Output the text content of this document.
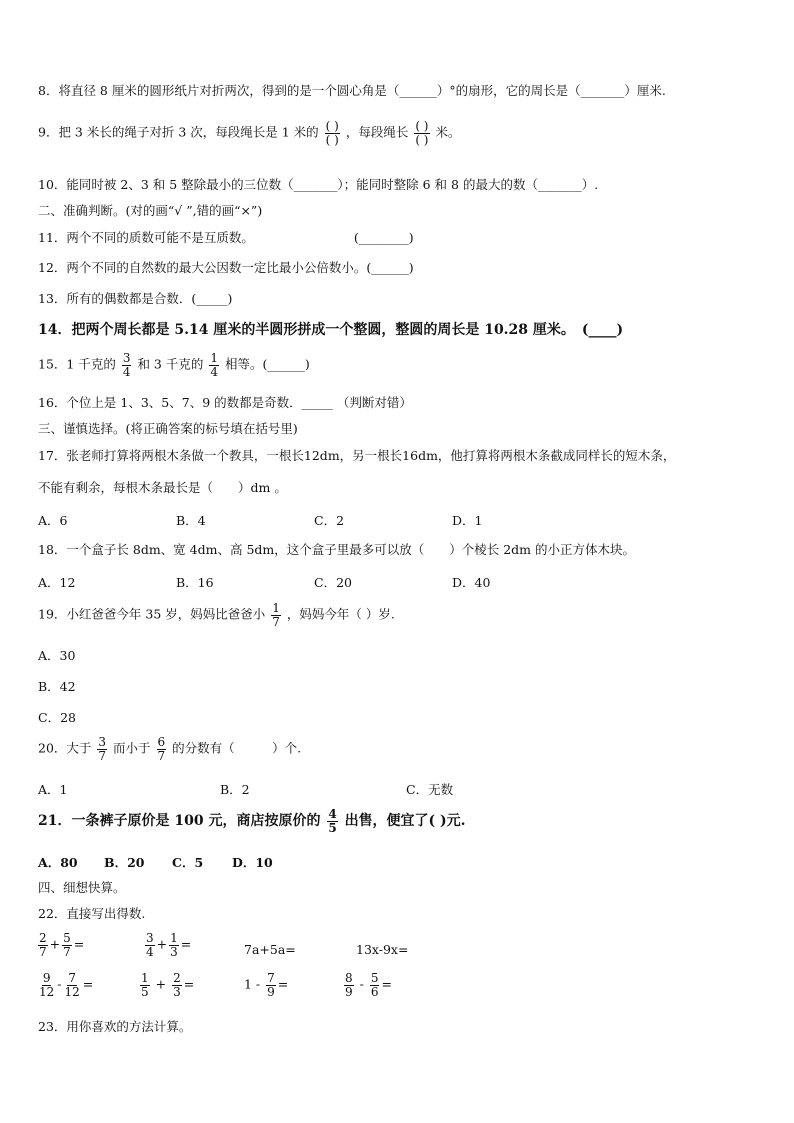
8．将直径 8 厘米的圆形纸片对折两次，得到的是一个圆心角是（______）°的扇形，它的周长是（_______）厘米.
9．把 3 米长的绳子对折 3 次，每段绳长是 1 米的 $\frac{( )}{( )}$ ，每段绳长 $\frac{( )}{( )}$ 米。
10．能同时被 2、3 和 5 整除最小的三位数（_______）；能同时整除 6 和 8 的最大的数（_______）.
二、准确判断。(对的画“√ ”,错的画“×”)
11．两个不同的质数可能不是互质数。	(________)
12．两个不同的自然数的最大公因数一定比最小公倍数小。(______)
13．所有的偶数都是合数．(_____)
14．把两个周长都是 5.14 厘米的半圆形拼成一个整圆，整圆的周长是 10.28 厘米。　(____)
15．1 千克的 $\frac{3}{4}$ 和 3 千克的 $\frac{1}{4}$ 相等。(______)
16．个位上是 1、3、5、7、9 的数都是奇数．_____ （判断对错）
三、谨慎选择。(将正确答案的标号填在括号里)
17．张老师打算将两根木条做一个教具，一根长12dm，另一根长16dm，他打算将两根木条截成同样长的短木条，
不能有剩余，每根木条最长是（　　）dm 。
A．6	B．4	C．2	D．1
18．一个盒子长 8dm、宽 4dm、高 5dm，这个盒子里最多可以放（　　）个棱长 2dm 的小正方体木块。
A．12	B．16	C．20	D．40
19．小红爸爸今年 35 岁，妈妈比爸爸小 $\frac{1}{7}$ ，妈妈今年（ ）岁.
A．30
B．42
C．28
20．大于 $\frac{3}{7}$ 而小于 $\frac{6}{7}$ 的分数有（　　　）个.
A．1	B．2	C．无数
21．一条裤子原价是 100 元，商店按原价的 $\frac{4}{5}$ 出售，便宜了( )元.
A．80 B．20 C．5 D．10
四、细想快算。
22．直接写出得数.
$\frac{2}{7} + \frac{5}{7}$ =	$\frac{3}{4} + \frac{1}{3}$ =	7a+5a=	13x-9x=
$\frac{9}{12} - \frac{7}{12}$ =	$\frac{1}{5} + \frac{2}{3}$ =	$1 - \frac{7}{9}$ =	$\frac{8}{9} - \frac{5}{6}$ =
23．用你喜欢的方法计算。
